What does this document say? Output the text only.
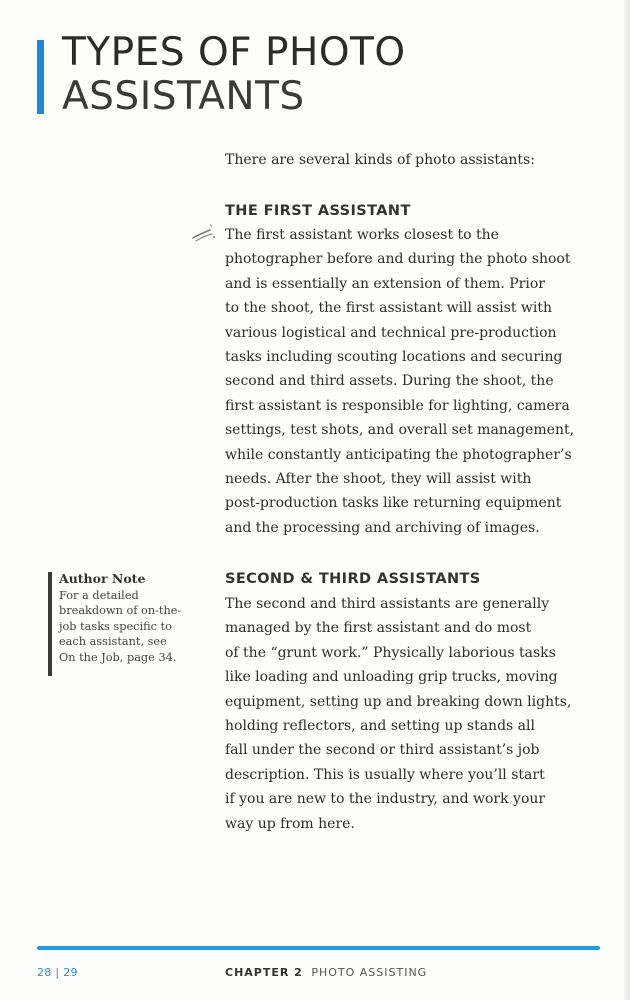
TYPES OF PHOTO
ASSISTANTS

There are several kinds of photo assistants:

THE FIRST ASSISTANT
The first assistant works closest to the
photographer before and during the photo shoot
and is essentially an extension of them. Prior
to the shoot, the first assistant will assist with
various logistical and technical pre-production
tasks including scouting locations and securing
second and third assets. During the shoot, the
first assistant is responsible for lighting, camera
settings, test shots, and overall set management,
while constantly anticipating the photographer’s
needs. After the shoot, they will assist with
post-production tasks like returning equipment
and the processing and archiving of images.

Author Note

For a detailed
breakdown of on-the-
job tasks specific to
each assistant, see
On the Job, page 34.
SECOND & THIRD ASSISTANTS
The second and third assistants are generally
managed by the first assistant and do most
of the “grunt work.” Physically laborious tasks
like loading and unloading grip trucks, moving
equipment, setting up and breaking down lights,
holding reflectors, and setting up stands all
fall under the second or third assistant’s job
description. This is usually where you’ll start
if you are new to the industry, and work your
way up from here.

28 | 29	CHAPTER 2 PHOTO ASSISTING
